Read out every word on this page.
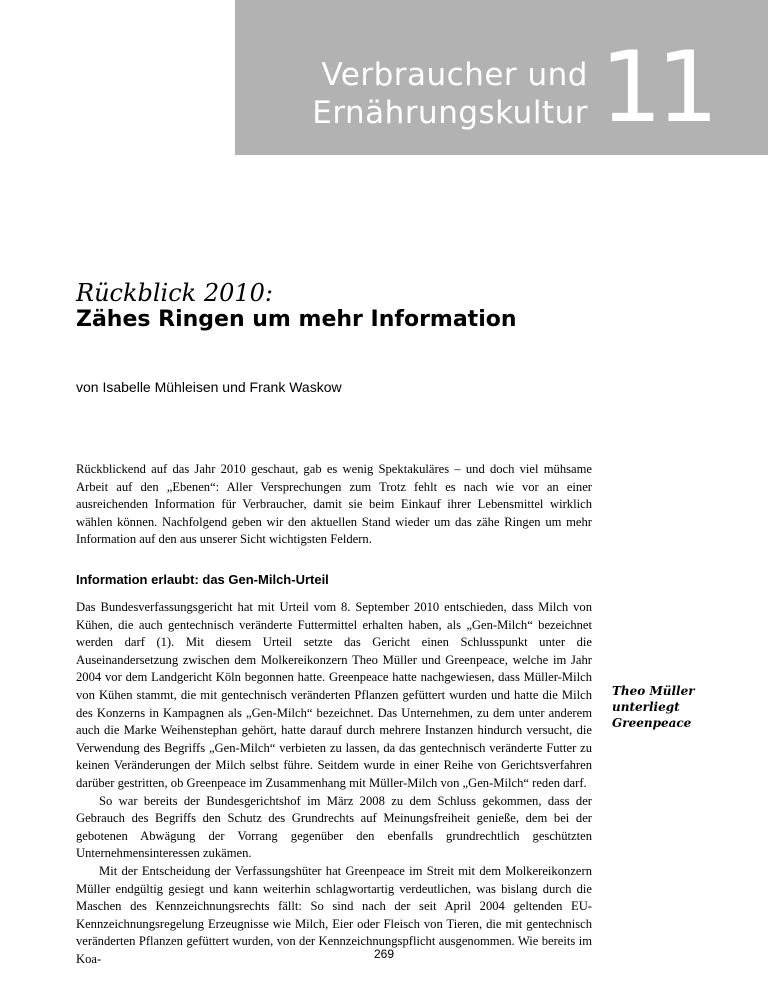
Verbraucher und
Ernährungskultur 11
Rückblick 2010:
Zähes Ringen um mehr Information
von Isabelle Mühleisen und Frank Waskow
Rückblickend auf das Jahr 2010 geschaut, gab es wenig Spektakuläres – und doch viel mühsame Arbeit auf den „Ebenen“: Aller Versprechungen zum Trotz fehlt es nach wie vor an einer ausreichenden Information für Verbraucher, damit sie beim Einkauf ihrer Lebensmittel wirklich wählen können. Nachfolgend geben wir den aktuellen Stand wieder um das zähe Ringen um mehr Information auf den aus unserer Sicht wichtigsten Feldern.
Information erlaubt: das Gen-Milch-Urteil

Das Bundesverfassungsgericht hat mit Urteil vom 8. September 2010 entschieden, dass Milch von Kühen, die auch gentechnisch veränderte Futtermittel erhalten haben, als „Gen-Milch“ bezeichnet werden darf (1). Mit diesem Urteil setzte das Gericht einen Schlusspunkt unter die Auseinandersetzung zwischen dem Molkereikonzern Theo Müller und Greenpeace, welche im Jahr 2004 vor dem Landgericht Köln begonnen hatte. Greenpeace hatte nachgewiesen, dass Müller-Milch von Kühen stammt, die mit gentechnisch veränderten Pflanzen gefüttert wurden und hatte die Milch des Konzerns in Kampagnen als „Gen-Milch“ bezeichnet. Das Unternehmen, zu dem unter anderem auch die Marke Weihenstephan gehört, hatte darauf durch mehrere Instanzen hindurch versucht, die Verwendung des Begriffs „Gen-Milch“ verbieten zu lassen, da das gentechnisch veränderte Futter zu keinen Veränderungen der Milch selbst führe. Seitdem wurde in einer Reihe von Gerichtsverfahren darüber gestritten, ob Greenpeace im Zusammenhang mit Müller-Milch von „Gen-Milch“ reden darf.

So war bereits der Bundesgerichtshof im März 2008 zu dem Schluss gekommen, dass der Gebrauch des Begriffs den Schutz des Grundrechts auf Meinungsfreiheit genieße, dem bei der gebotenen Abwägung der Vorrang gegenüber den ebenfalls grundrechtlich geschützten Unternehmensinteressen zukämen.

Mit der Entscheidung der Verfassungshüter hat Greenpeace im Streit mit dem Molkereikonzern Müller endgültig gesiegt und kann weiterhin schlagwortartig verdeutlichen, was bislang durch die Maschen des Kennzeichnungsrechts fällt: So sind nach der seit April 2004 geltenden EU-Kennzeichnungsregelung Erzeugnisse wie Milch, Eier oder Fleisch von Tieren, die mit gentechnisch veränderten Pflanzen gefüttert wurden, von der Kennzeichnungspflicht ausgenommen. Wie bereits im Koa-

Theo Müller
unterliegt
Greenpeace
269
